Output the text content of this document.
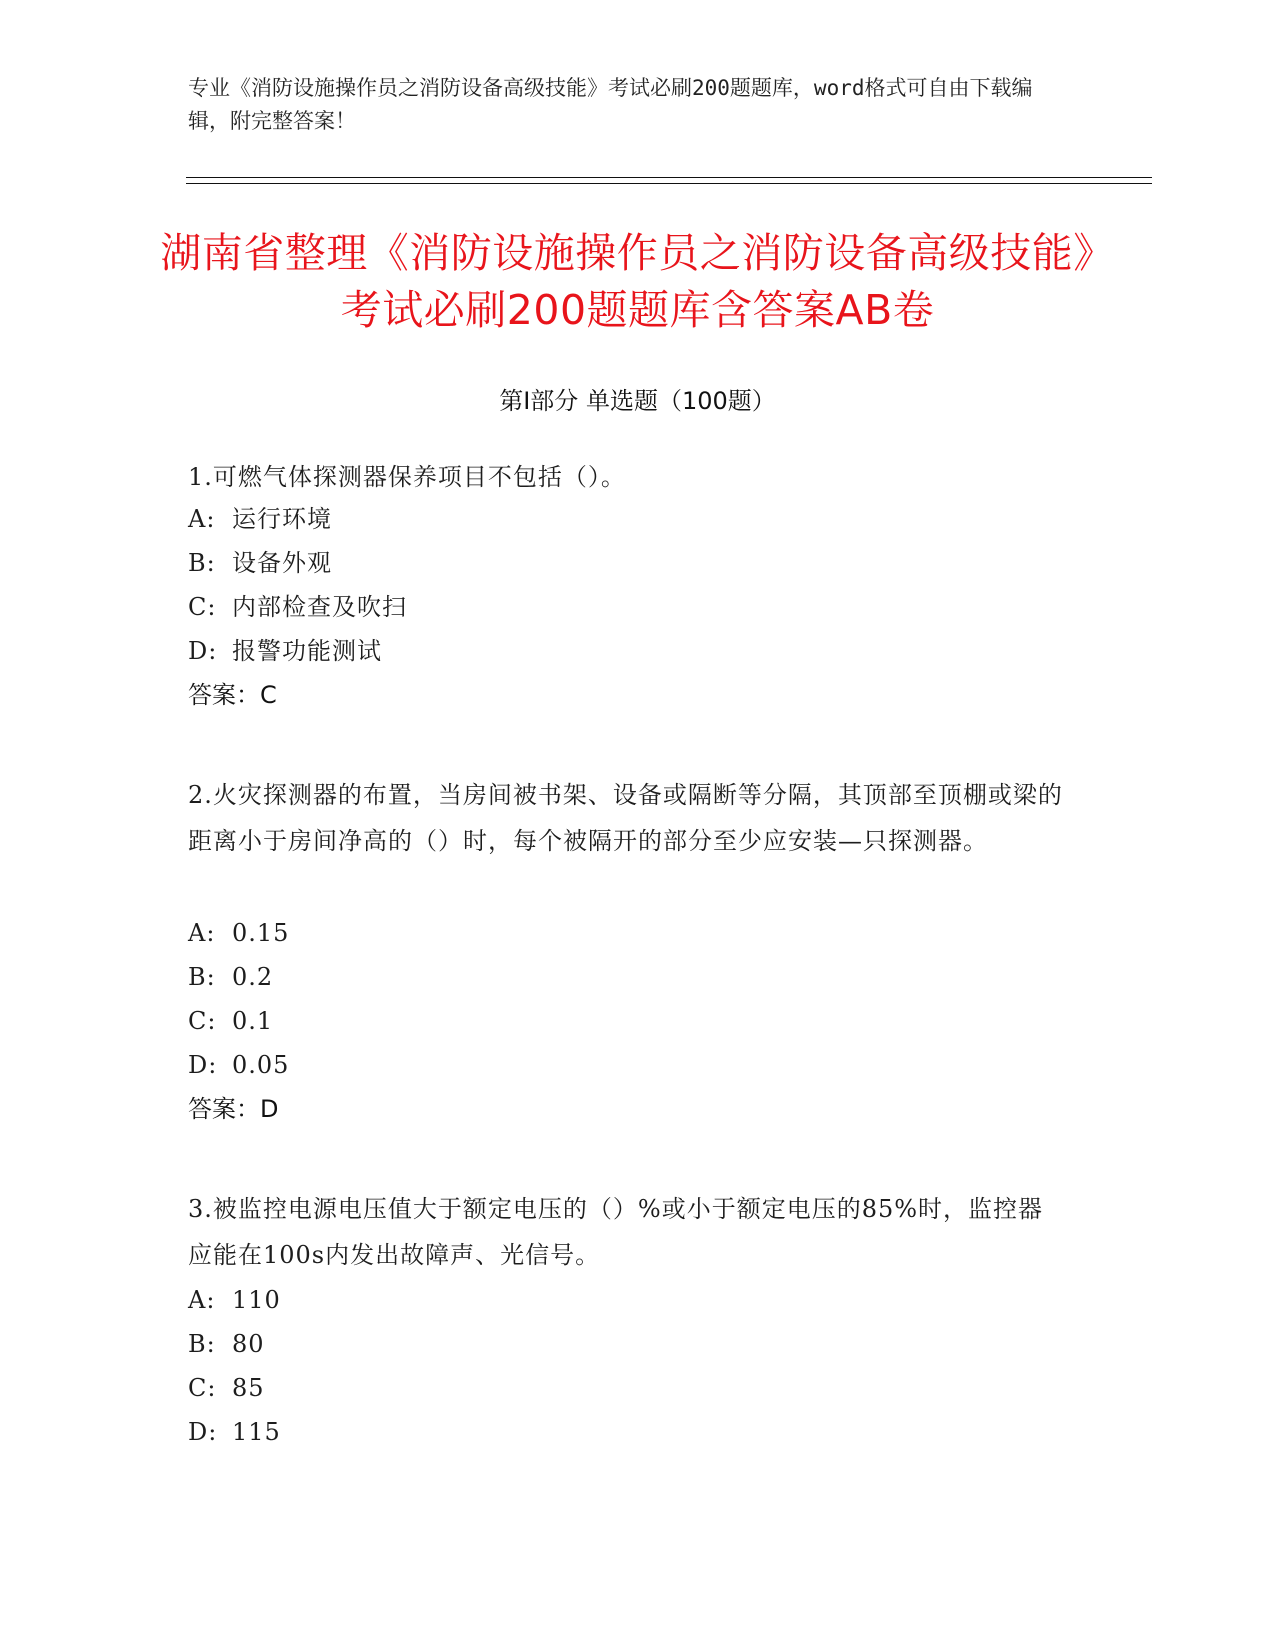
专业《消防设施操作员之消防设备高级技能》考试必刷200题题库，word格式可自由下载编辑，附完整答案！
湖南省整理《消防设施操作员之消防设备高级技能》考试必刷200题题库含答案AB卷
第Ⅰ部分 单选题（100题）
1.可燃气体探测器保养项目不包括（）。
A: 运行环境
B: 设备外观
C: 内部检查及吹扫
D: 报警功能测试
答案：C
2.火灾探测器的布置，当房间被书架、设备或隔断等分隔，其顶部至顶棚或梁的距离小于房间净高的（）时，每个被隔开的部分至少应安装—只探测器。
A: 0.15
B: 0.2
C: 0.1
D: 0.05
答案：D
3.被监控电源电压值大于额定电压的（）%或小于额定电压的85%时，监控器应能在100s内发出故障声、光信号。
A: 110
B: 80
C: 85
D: 115
